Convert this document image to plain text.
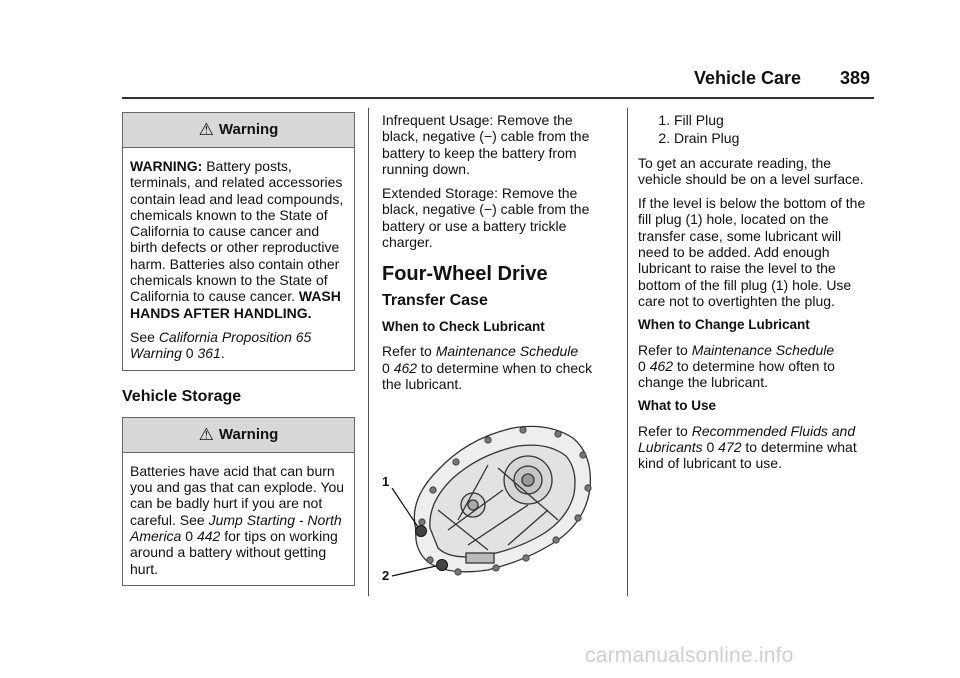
Vehicle Care 389
⚠ Warning

WARNING: Battery posts, terminals, and related accessories contain lead and lead compounds, chemicals known to the State of California to cause cancer and birth defects or other reproductive harm. Batteries also contain other chemicals known to the State of California to cause cancer. WASH HANDS AFTER HANDLING.

See California Proposition 65 Warning 0 361.

Vehicle Storage
⚠ Warning

Batteries have acid that can burn you and gas that can explode. You can be badly hurt if you are not careful. See Jump Starting - North America 0 442 for tips on working around a battery without getting hurt.

Infrequent Usage: Remove the black, negative (−) cable from the battery to keep the battery from running down.

Extended Storage: Remove the black, negative (−) cable from the battery or use a battery trickle charger.

Four-Wheel Drive
Transfer Case

When to Check Lubricant

Refer to Maintenance Schedule
0 462 to determine when to check the lubricant.

1
2
1. Fill Plug
2. Drain Plug

To get an accurate reading, the vehicle should be on a level surface.

If the level is below the bottom of the fill plug (1) hole, located on the transfer case, some lubricant will need to be added. Add enough lubricant to raise the level to the bottom of the fill plug (1) hole. Use care not to overtighten the plug.

When to Change Lubricant

Refer to Maintenance Schedule
0 462 to determine how often to change the lubricant.

What to Use

Refer to Recommended Fluids and Lubricants 0 472 to determine what kind of lubricant to use.

carmanualsonline.info
